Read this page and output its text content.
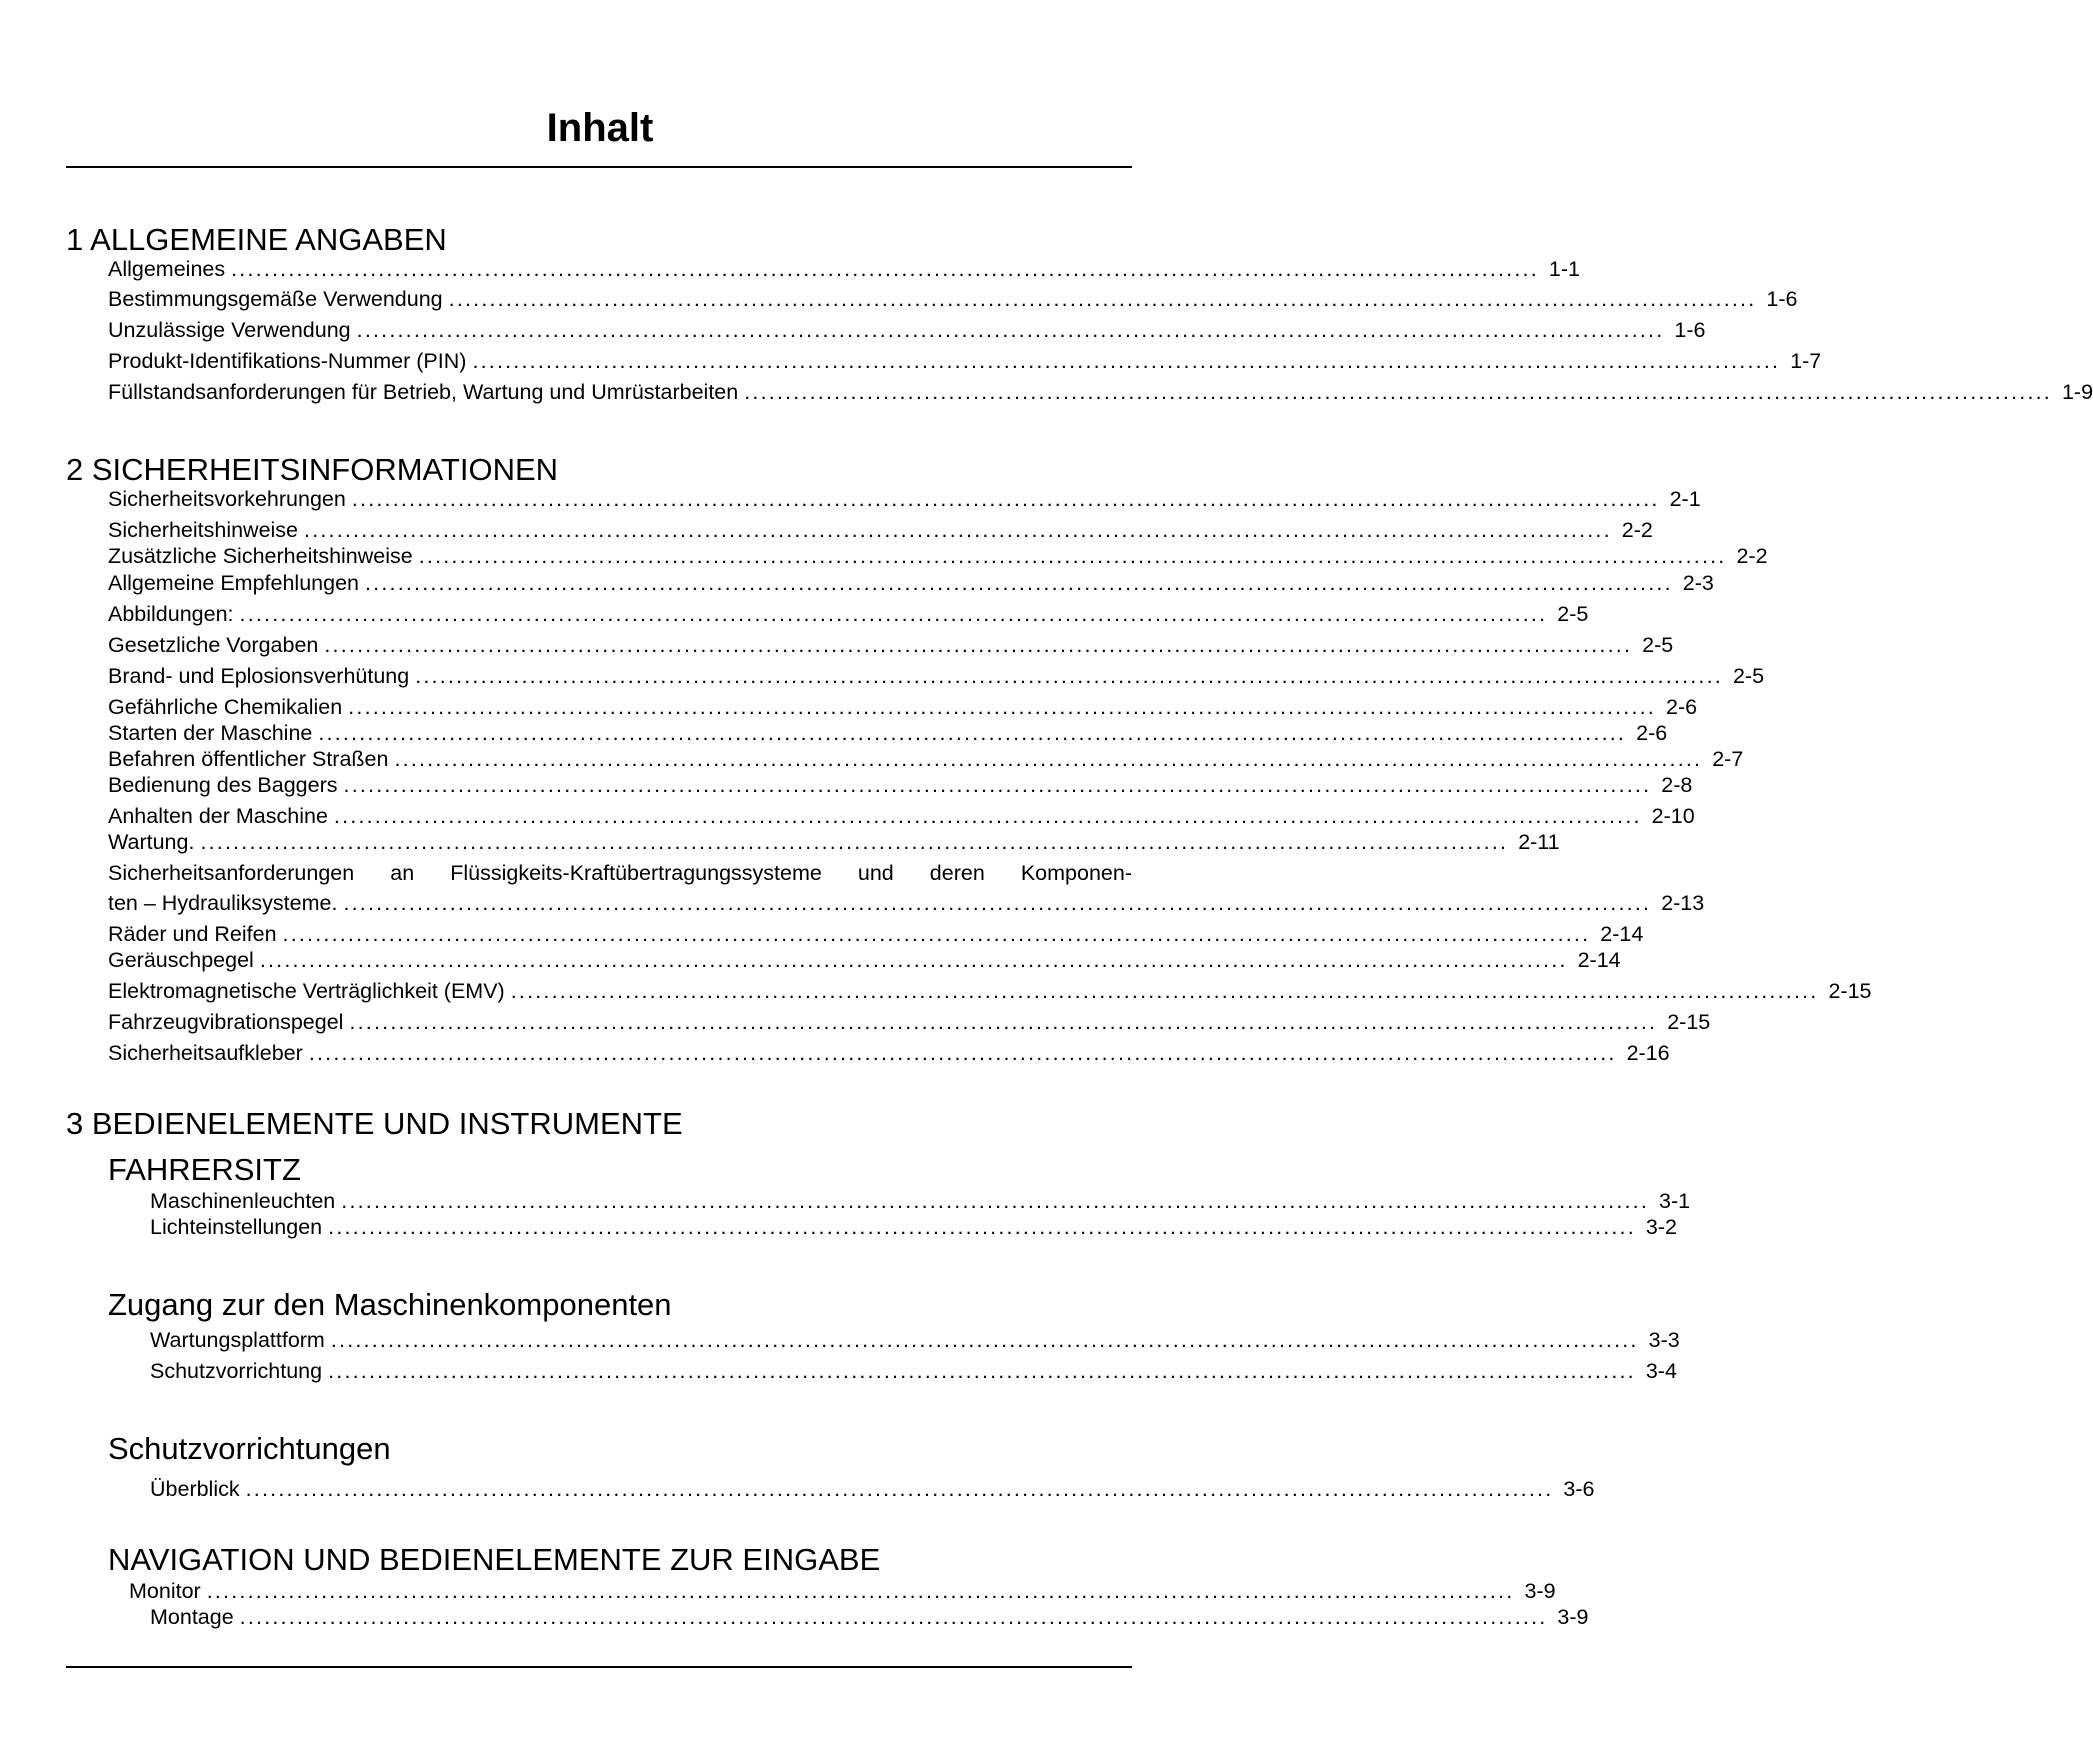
Inhalt
1 ALLGEMEINE ANGABEN
Allgemeines ................................................................................................................................................................ 1-1
Bestimmungsgemäße Verwendung ................................................................................................................................................................ 1-6
Unzulässige Verwendung ................................................................................................................................................................ 1-6
Produkt-Identifikations-Nummer (PIN) ................................................................................................................................................................ 1-7
Füllstandsanforderungen für Betrieb, Wartung und Umrüstarbeiten ................................................................................................................................................................ 1-9
2 SICHERHEITSINFORMATIONEN
Sicherheitsvorkehrungen ................................................................................................................................................................ 2-1
Sicherheitshinweise ................................................................................................................................................................ 2-2
Zusätzliche Sicherheitshinweise ................................................................................................................................................................ 2-2
Allgemeine Empfehlungen ................................................................................................................................................................ 2-3
Abbildungen: ................................................................................................................................................................ 2-5
Gesetzliche Vorgaben ................................................................................................................................................................ 2-5
Brand- und Eplosionsverhütung ................................................................................................................................................................ 2-5
Gefährliche Chemikalien ................................................................................................................................................................ 2-6
Starten der Maschine ................................................................................................................................................................ 2-6
Befahren öffentlicher Straßen ................................................................................................................................................................ 2-7
Bedienung des Baggers ................................................................................................................................................................ 2-8
Anhalten der Maschine ................................................................................................................................................................ 2-10
Wartung. ................................................................................................................................................................ 2-11
Sicherheitsanforderungen an Flüssigkeits-Kraftübertragungssysteme und deren Komponen-
ten – Hydrauliksysteme. ................................................................................................................................................................ 2-13
Räder und Reifen ................................................................................................................................................................ 2-14
Geräuschpegel ................................................................................................................................................................ 2-14
Elektromagnetische Verträglichkeit (EMV) ................................................................................................................................................................ 2-15
Fahrzeugvibrationspegel ................................................................................................................................................................ 2-15
Sicherheitsaufkleber ................................................................................................................................................................ 2-16
3 BEDIENELEMENTE UND INSTRUMENTE
FAHRERSITZ
Maschinenleuchten ................................................................................................................................................................ 3-1
Lichteinstellungen ................................................................................................................................................................ 3-2
Zugang zur den Maschinenkomponenten
Wartungsplattform ................................................................................................................................................................ 3-3
Schutzvorrichtung ................................................................................................................................................................ 3-4
Schutzvorrichtungen
Überblick ................................................................................................................................................................ 3-6
NAVIGATION UND BEDIENELEMENTE ZUR EINGABE
Monitor ................................................................................................................................................................ 3-9
Montage ................................................................................................................................................................ 3-9
